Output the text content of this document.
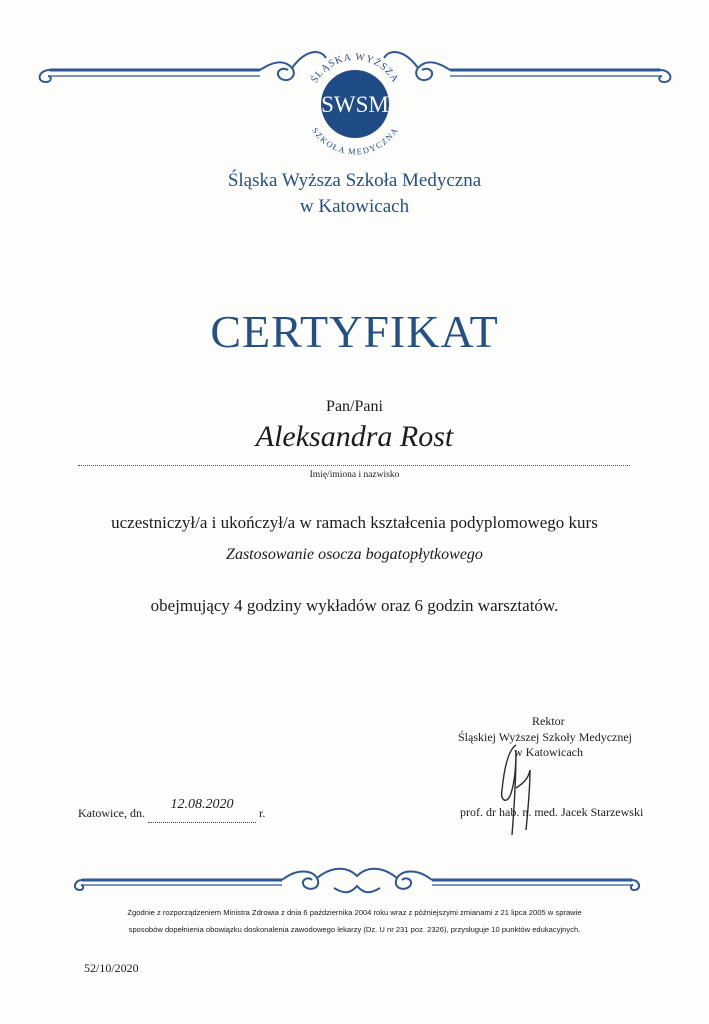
SWSM
ŚLĄSKA WYŻSZA
SZKOŁA MEDYCZNA
Śląska Wyższa Szkoła Medyczna
w Katowicach
CERTYFIKAT
Pan/Pani
Aleksandra Rost
Imię/imiona i nazwisko
uczestniczył/a i ukończył/a w ramach kształcenia podyplomowego kurs
Zastosowanie osocza bogatopłytkowego
obejmujący 4 godziny wykładów oraz 6 godzin warsztatów.
Rektor
Śląskiej Wyższej Szkoły Medycznej
w Katowicach
prof. dr hab. n. med. Jacek Starzewski
Katowice, dn. 12.08.2020 r.
Zgodnie z rozporządzeniem Ministra Zdrowia z dnia 6 października 2004 roku wraz z późniejszymi zmianami z 21 lipca 2005 w sprawie
sposobów dopełnienia obowiązku doskonalenia zawodowego lekarzy (Dz. U nr 231 poz. 2326), przysługuje 10 punktów edukacyjnych.
52/10/2020
